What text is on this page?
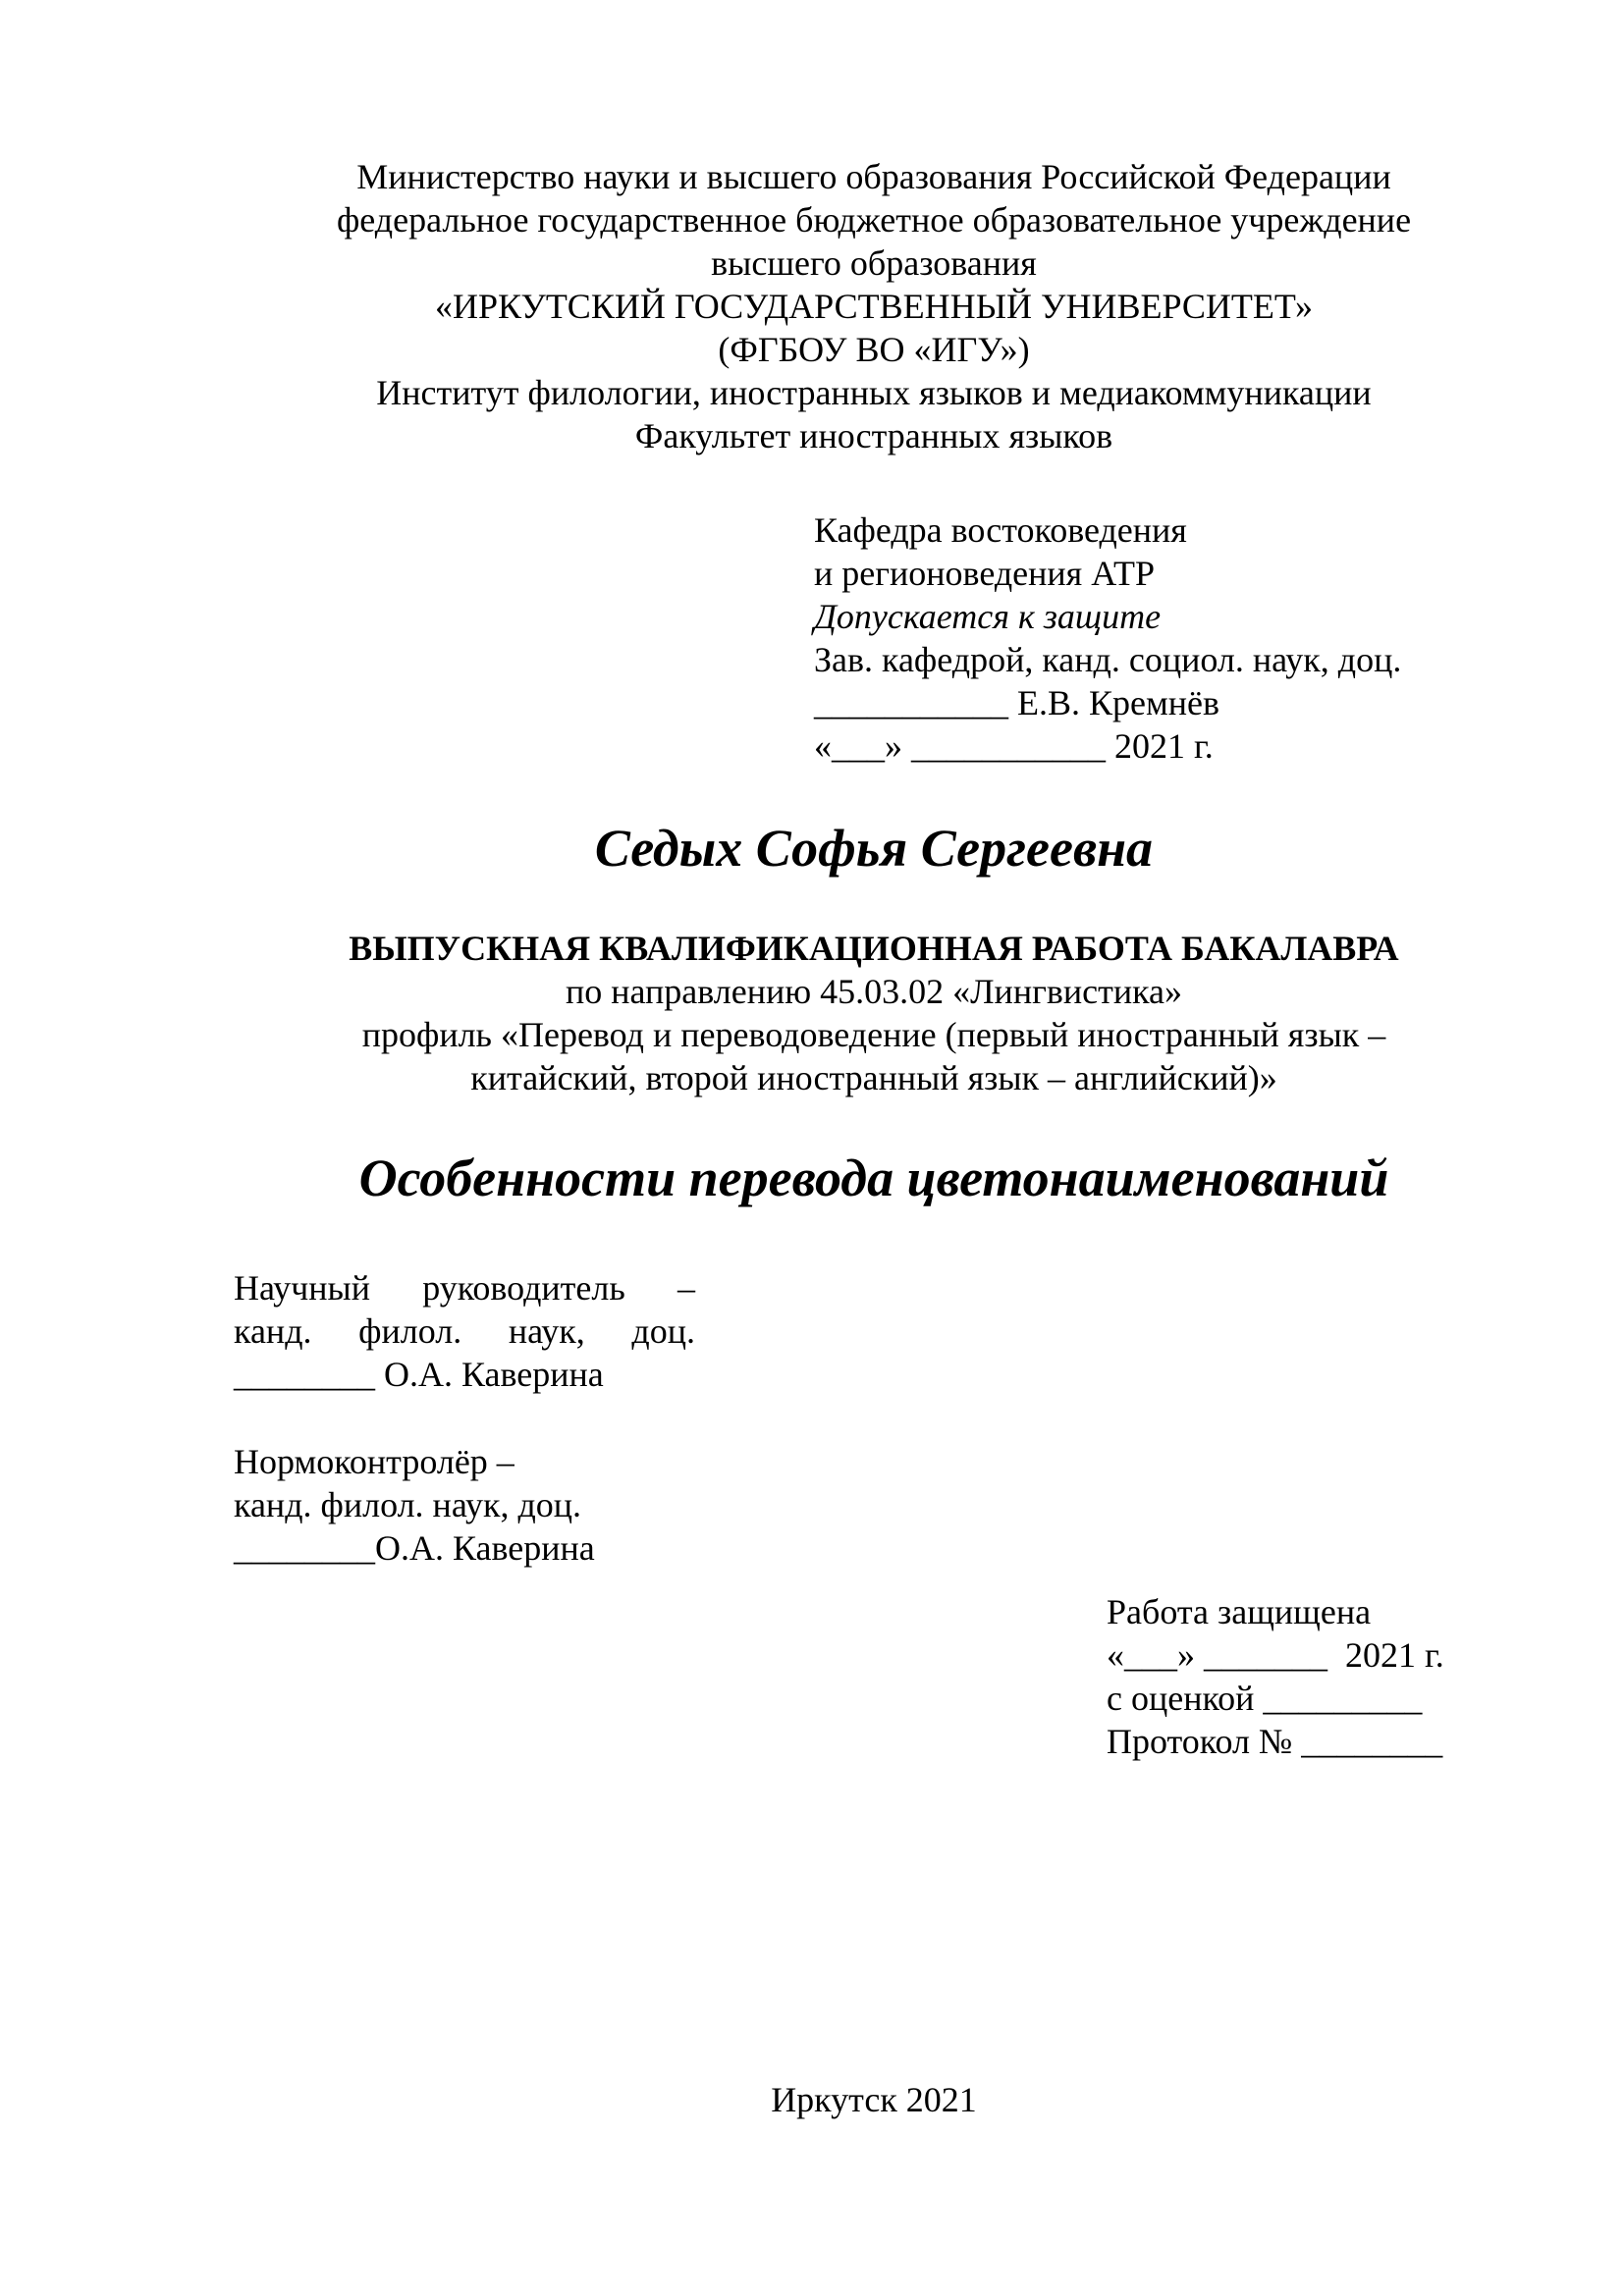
Министерство науки и высшего образования Российской Федерации
федеральное государственное бюджетное образовательное учреждение
высшего образования
«ИРКУТСКИЙ ГОСУДАРСТВЕННЫЙ УНИВЕРСИТЕТ»
(ФГБОУ ВО «ИГУ»)
Институт филологии, иностранных языков и медиакоммуникации
Факультет иностранных языков
Кафедра востоковедения
и регионоведения АТР
Допускается к защите
Зав. кафедрой, канд. социол. наук, доц.
___________ Е.В. Кремнёв
«___» ___________ 2021 г.
Седых Софья Сергеевна
ВЫПУСКНАЯ КВАЛИФИКАЦИОННАЯ РАБОТА БАКАЛАВРА
по направлению 45.03.02 «Лингвистика»
профиль «Перевод и переводоведение (первый иностранный язык –
китайский, второй иностранный язык – английский)»
Особенности перевода цветонаименований
Научный руководитель –
канд. филол. наук, доц.
________ О.А. Каверина
Нормоконтролёр –
канд. филол. наук, доц.
________О.А. Каверина
Работа защищена
«___» _______  2021 г.
с оценкой _________
Протокол № ________
Иркутск 2021
